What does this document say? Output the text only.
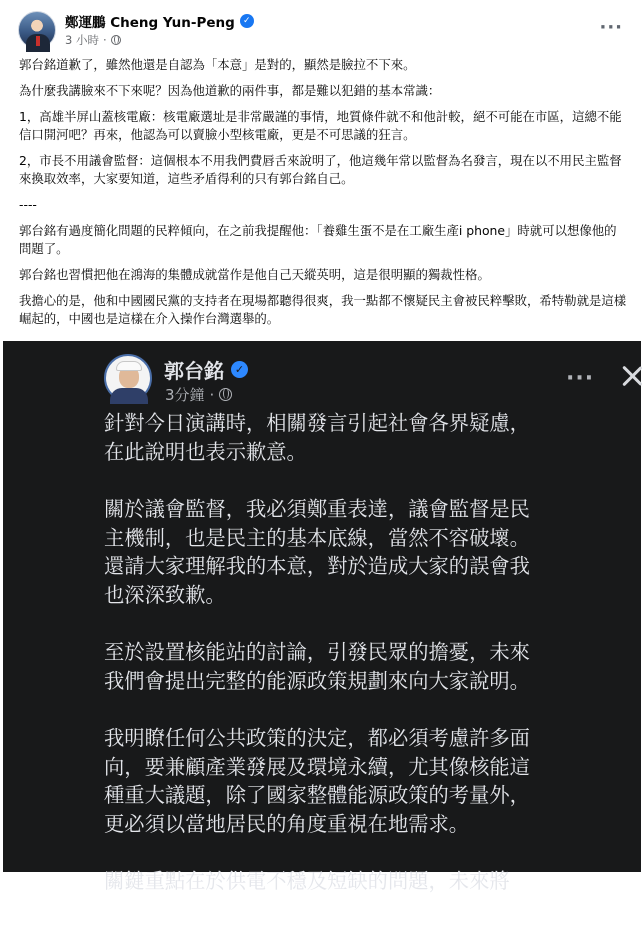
鄭運鵬 Cheng Yun-Peng ✓
3 小時 ·
···

郭台銘道歉了，雖然他還是自認為「本意」是對的，顯然是臉拉不下來。

為什麼我講臉來不下來呢？因為他道歉的兩件事，都是難以犯錯的基本常識：

1，高雄半屏山蓋核電廠：核電廠選址是非常嚴謹的事情，地質條件就不和他計較，絕不可能在市區，這總不能信口開河吧？再來，他認為可以賣臉小型核電廠，更是不可思議的狂言。

2，市長不用議會監督：這個根本不用我們費唇舌來說明了，他這幾年常以監督為名發言，現在以不用民主監督來換取效率，大家要知道，這些矛盾得利的只有郭台銘自己。

----

郭台銘有過度簡化問題的民粹傾向，在之前我提醒他：「養雞生蛋不是在工廠生產i phone」時就可以想像他的問題了。

郭台銘也習慣把他在鴻海的集體成就當作是他自己天縱英明，這是很明顯的獨裁性格。

我擔心的是，他和中國國民黨的支持者在現場都聽得很爽，我一點都不懷疑民主會被民粹擊敗，希特勒就是這樣崛起的，中國也是這樣在介入操作台灣選舉的。

郭台銘 ✓
3分鐘 ·
···

針對今日演講時，相關發言引起社會各界疑慮，在此說明也表示歉意。

關於議會監督，我必須鄭重表達，議會監督是民主機制，也是民主的基本底線，當然不容破壞。還請大家理解我的本意，對於造成大家的誤會我也深深致歉。

至於設置核能站的討論，引發民眾的擔憂，未來我們會提出完整的能源政策規劃來向大家說明。

我明瞭任何公共政策的決定，都必須考慮許多面向，要兼顧產業發展及環境永續，尤其像核能這種重大議題，除了國家整體能源政策的考量外，更必須以當地居民的角度重視在地需求。

關鍵重點在於供電不穩及短缺的問題，未來將
